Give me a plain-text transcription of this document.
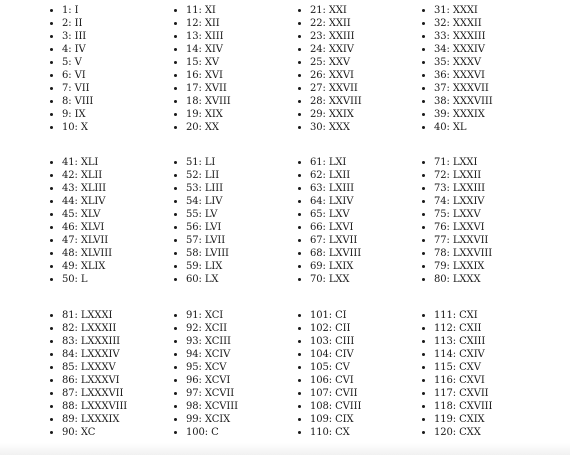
1: I
2: II
3: III
4: IV
5: V
6: VI
7: VII
8: VIII
9: IX
10: X
11: XI
12: XII
13: XIII
14: XIV
15: XV
16: XVI
17: XVII
18: XVIII
19: XIX
20: XX
21: XXI
22: XXII
23: XXIII
24: XXIV
25: XXV
26: XXVI
27: XXVII
28: XXVIII
29: XXIX
30: XXX
31: XXXI
32: XXXII
33: XXXIII
34: XXXIV
35: XXXV
36: XXXVI
37: XXXVII
38: XXXVIII
39: XXXIX
40: XL
41: XLI
42: XLII
43: XLIII
44: XLIV
45: XLV
46: XLVI
47: XLVII
48: XLVIII
49: XLIX
50: L
51: LI
52: LII
53: LIII
54: LIV
55: LV
56: LVI
57: LVII
58: LVIII
59: LIX
60: LX
61: LXI
62: LXII
63: LXIII
64: LXIV
65: LXV
66: LXVI
67: LXVII
68: LXVIII
69: LXIX
70: LXX
71: LXXI
72: LXXII
73: LXXIII
74: LXXIV
75: LXXV
76: LXXVI
77: LXXVII
78: LXXVIII
79: LXXIX
80: LXXX
81: LXXXI
82: LXXXII
83: LXXXIII
84: LXXXIV
85: LXXXV
86: LXXXVI
87: LXXXVII
88: LXXXVIII
89: LXXXIX
90: XC
91: XCI
92: XCII
93: XCIII
94: XCIV
95: XCV
96: XCVI
97: XCVII
98: XCVIII
99: XCIX
100: C
101: CI
102: CII
103: CIII
104: CIV
105: CV
106: CVI
107: CVII
108: CVIII
109: CIX
110: CX
111: CXI
112: CXII
113: CXIII
114: CXIV
115: CXV
116: CXVI
117: CXVII
118: CXVIII
119: CXIX
120: CXX
